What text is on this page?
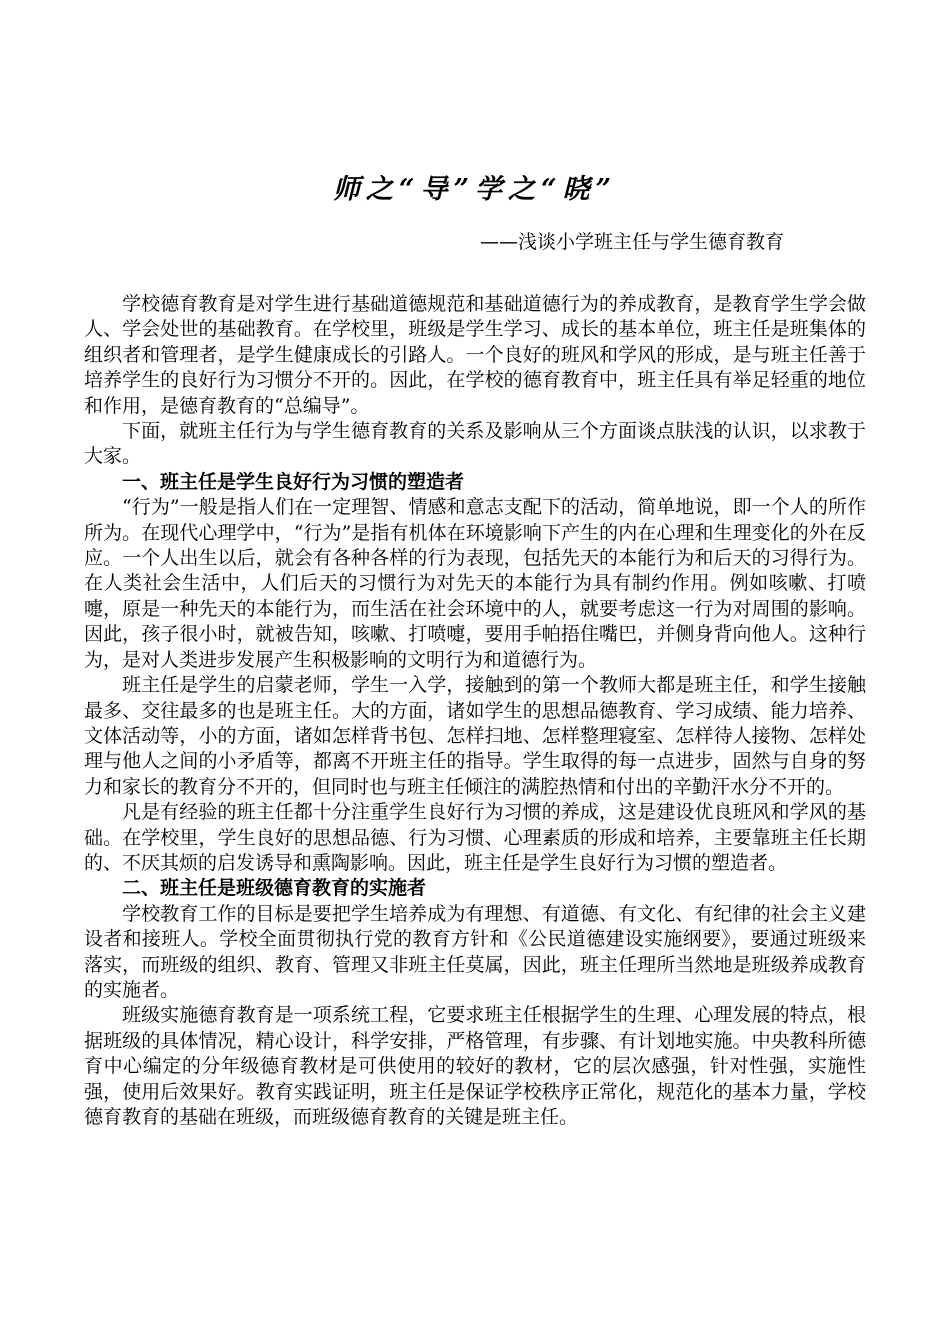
师之“导”学之“晓”
——浅谈小学班主任与学生德育教育

学校德育教育是对学生进行基础道德规范和基础道德行为的养成教育，是教育学生学会做人、学会处世的基础教育。在学校里，班级是学生学习、成长的基本单位，班主任是班集体的组织者和管理者，是学生健康成长的引路人。一个良好的班风和学风的形成，是与班主任善于培养学生的良好行为习惯分不开的。因此，在学校的德育教育中，班主任具有举足轻重的地位和作用，是德育教育的“总编导”。

下面，就班主任行为与学生德育教育的关系及影响从三个方面谈点肤浅的认识，以求教于大家。

一、班主任是学生良好行为习惯的塑造者

“行为”一般是指人们在一定理智、情感和意志支配下的活动，简单地说，即一个人的所作所为。在现代心理学中，“行为”是指有机体在环境影响下产生的内在心理和生理变化的外在反应。一个人出生以后，就会有各种各样的行为表现，包括先天的本能行为和后天的习得行为。在人类社会生活中，人们后天的习惯行为对先天的本能行为具有制约作用。例如咳嗽、打喷嚏，原是一种先天的本能行为，而生活在社会环境中的人，就要考虑这一行为对周围的影响。因此，孩子很小时，就被告知，咳嗽、打喷嚏，要用手帕捂住嘴巴，并侧身背向他人。这种行为，是对人类进步发展产生积极影响的文明行为和道德行为。

班主任是学生的启蒙老师，学生一入学，接触到的第一个教师大都是班主任，和学生接触最多、交往最多的也是班主任。大的方面，诸如学生的思想品德教育、学习成绩、能力培养、文体活动等，小的方面，诸如怎样背书包、怎样扫地、怎样整理寝室、怎样待人接物、怎样处理与他人之间的小矛盾等，都离不开班主任的指导。学生取得的每一点进步，固然与自身的努力和家长的教育分不开的，但同时也与班主任倾注的满腔热情和付出的辛勤汗水分不开的。

凡是有经验的班主任都十分注重学生良好行为习惯的养成，这是建设优良班风和学风的基础。在学校里，学生良好的思想品德、行为习惯、心理素质的形成和培养，主要靠班主任长期的、不厌其烦的启发诱导和熏陶影响。因此，班主任是学生良好行为习惯的塑造者。

二、班主任是班级德育教育的实施者

学校教育工作的目标是要把学生培养成为有理想、有道德、有文化、有纪律的社会主义建设者和接班人。学校全面贯彻执行党的教育方针和《公民道德建设实施纲要》，要通过班级来落实，而班级的组织、教育、管理又非班主任莫属，因此，班主任理所当然地是班级养成教育的实施者。

班级实施德育教育是一项系统工程，它要求班主任根据学生的生理、心理发展的特点，根据班级的具体情况，精心设计，科学安排，严格管理，有步骤、有计划地实施。中央教科所德育中心编定的分年级德育教材是可供使用的较好的教材，它的层次感强，针对性强，实施性强，使用后效果好。教育实践证明，班主任是保证学校秩序正常化，规范化的基本力量，学校德育教育的基础在班级，而班级德育教育的关键是班主任。
